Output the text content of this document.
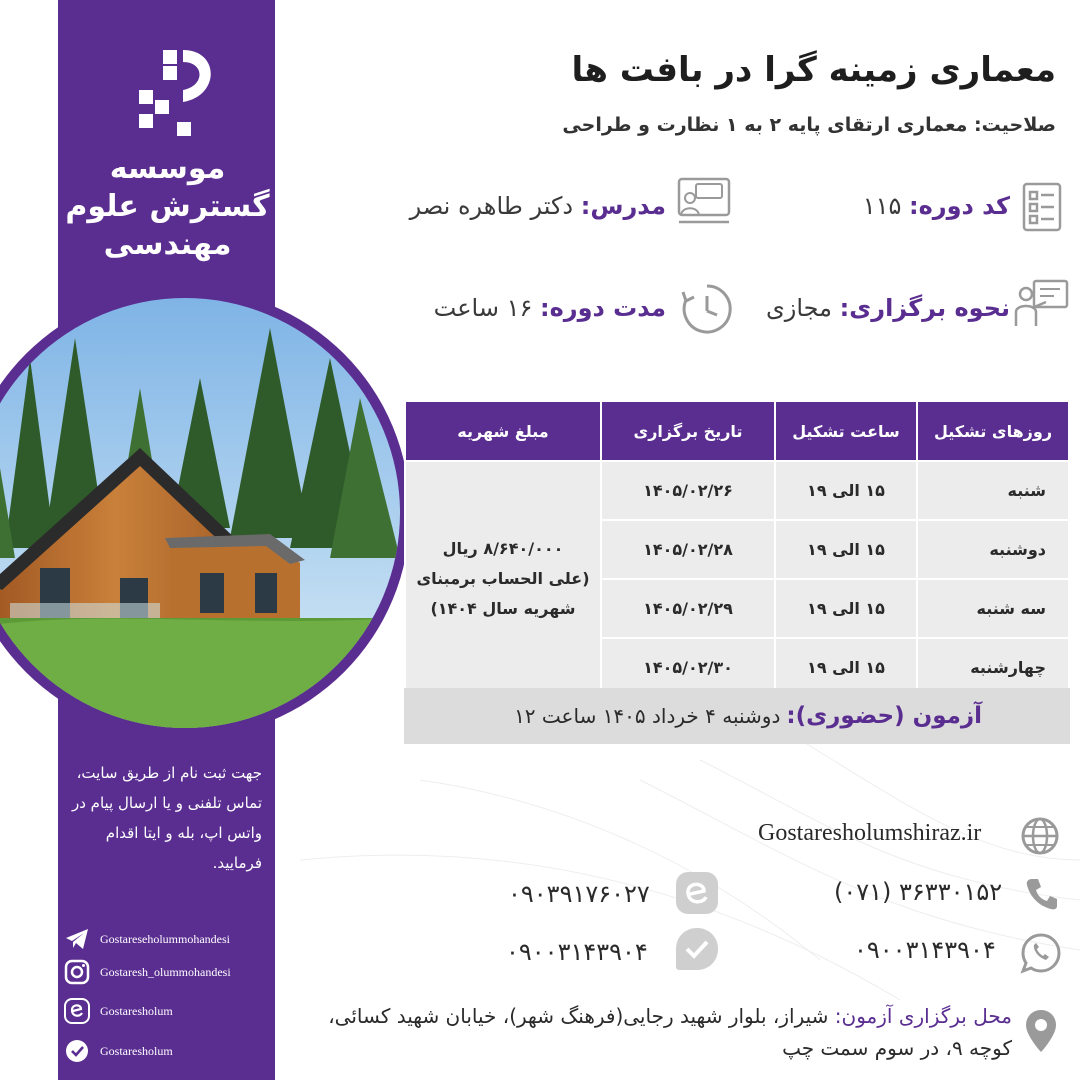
موسسه
گسترش علوم
مهندسی
جهت ثبت نام از طریق سایت، تماس تلفنی و یا ارسال پیام در واتس اپ، بله و ایتا اقدام فرمایید.
Gostareseholummohandesi
Gostaresh_olummohandesi
Gostaresholum
Gostaresholum
معماری زمینه گرا در بافت ها
صلاحیت: معماری ارتقای پایه ۲ به ۱ نظارت و طراحی
کد دوره: ۱۱۵
مدرس: دکتر طاهره نصر
نحوه برگزاری: مجازی
مدت دوره: ۱۶ ساعت
روزهای تشکیل	ساعت تشکیل	تاریخ برگزاری	مبلغ شهریه
شنبه	۱۵ الی ۱۹	۱۴۰۵/۰۲/۲۶	۸/۶۴۰/۰۰۰ ریال
(علی الحساب برمبنای
شهریه سال ۱۴۰۴)

دوشنبه	۱۵ الی ۱۹	۱۴۰۵/۰۲/۲۸	
سه شنبه	۱۵ الی ۱۹	۱۴۰۵/۰۲/۲۹	
چهارشنبه	۱۵ الی ۱۹	۱۴۰۵/۰۲/۳۰	
آزمون (حضوری):
دوشنبه ۴ خرداد ۱۴۰۵ ساعت ۱۲
Gostaresholumshiraz.ir
(۰۷۱) ۳۶۳۳۰۱۵۲
۰۹۰۰۳۱۴۳۹۰۴
۰۹۰۳۹۱۷۶۰۲۷
۰۹۰۰۳۱۴۳۹۰۴
محل برگزاری آزمون: شیراز، بلوار شهید رجایی(فرهنگ شهر)، خیابان شهید کسائی، کوچه ۹، در سوم سمت چپ
